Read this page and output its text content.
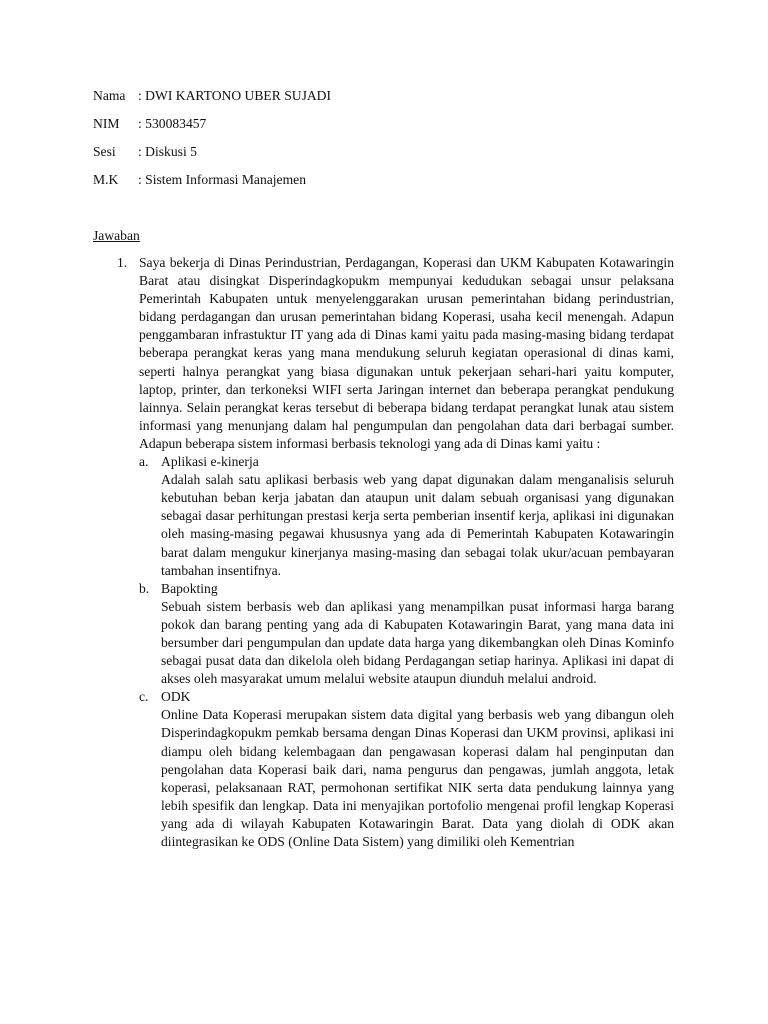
Nama : DWI KARTONO UBER SUJADI
NIM	: 530083457
Sesi	: Diskusi 5
M.K	: Sistem Informasi Manajemen
Jawaban
1. Saya bekerja di Dinas Perindustrian, Perdagangan, Koperasi dan UKM Kabupaten Kotawaringin Barat atau disingkat Disperindagkopukm mempunyai kedudukan sebagai unsur pelaksana Pemerintah Kabupaten untuk menyelenggarakan urusan pemerintahan bidang perindustrian, bidang perdagangan dan urusan pemerintahan bidang Koperasi, usaha kecil menengah. Adapun penggambaran infrastuktur IT yang ada di Dinas kami yaitu pada masing-masing bidang terdapat beberapa perangkat keras yang mana mendukung seluruh kegiatan operasional di dinas kami, seperti halnya perangkat yang biasa digunakan untuk pekerjaan sehari-hari yaitu komputer, laptop, printer, dan terkoneksi WIFI serta Jaringan internet dan beberapa perangkat pendukung lainnya. Selain perangkat keras tersebut di beberapa bidang terdapat perangkat lunak atau sistem informasi yang menunjang dalam hal pengumpulan dan pengolahan data dari berbagai sumber. Adapun beberapa sistem informasi berbasis teknologi yang ada di Dinas kami yaitu :

a. Aplikasi e-kinerja

Adalah salah satu aplikasi berbasis web yang dapat digunakan dalam menganalisis seluruh kebutuhan beban kerja jabatan dan ataupun unit dalam sebuah organisasi yang digunakan sebagai dasar perhitungan prestasi kerja serta pemberian insentif kerja, aplikasi ini digunakan oleh masing-masing pegawai khususnya yang ada di Pemerintah Kabupaten Kotawaringin barat dalam mengukur kinerjanya masing-masing dan sebagai tolak ukur/acuan pembayaran tambahan insentifnya.

b. Bapokting

Sebuah sistem berbasis web dan aplikasi yang menampilkan pusat informasi harga barang pokok dan barang penting yang ada di Kabupaten Kotawaringin Barat, yang mana data ini bersumber dari pengumpulan dan update data harga yang dikembangkan oleh Dinas Kominfo sebagai pusat data dan dikelola oleh bidang Perdagangan setiap harinya. Aplikasi ini dapat di akses oleh masyarakat umum melalui website ataupun diunduh melalui android.

c. ODK

Online Data Koperasi merupakan sistem data digital yang berbasis web yang dibangun oleh Disperindagkopukm pemkab bersama dengan Dinas Koperasi dan UKM provinsi, aplikasi ini diampu oleh bidang kelembagaan dan pengawasan koperasi dalam hal penginputan dan pengolahan data Koperasi baik dari, nama pengurus dan pengawas, jumlah anggota, letak koperasi, pelaksanaan RAT, permohonan sertifikat NIK serta data pendukung lainnya yang lebih spesifik dan lengkap. Data ini menyajikan portofolio mengenai profil lengkap Koperasi yang ada di wilayah Kabupaten Kotawaringin Barat. Data yang diolah di ODK akan diintegrasikan ke ODS (Online Data Sistem) yang dimiliki oleh Kementrian
